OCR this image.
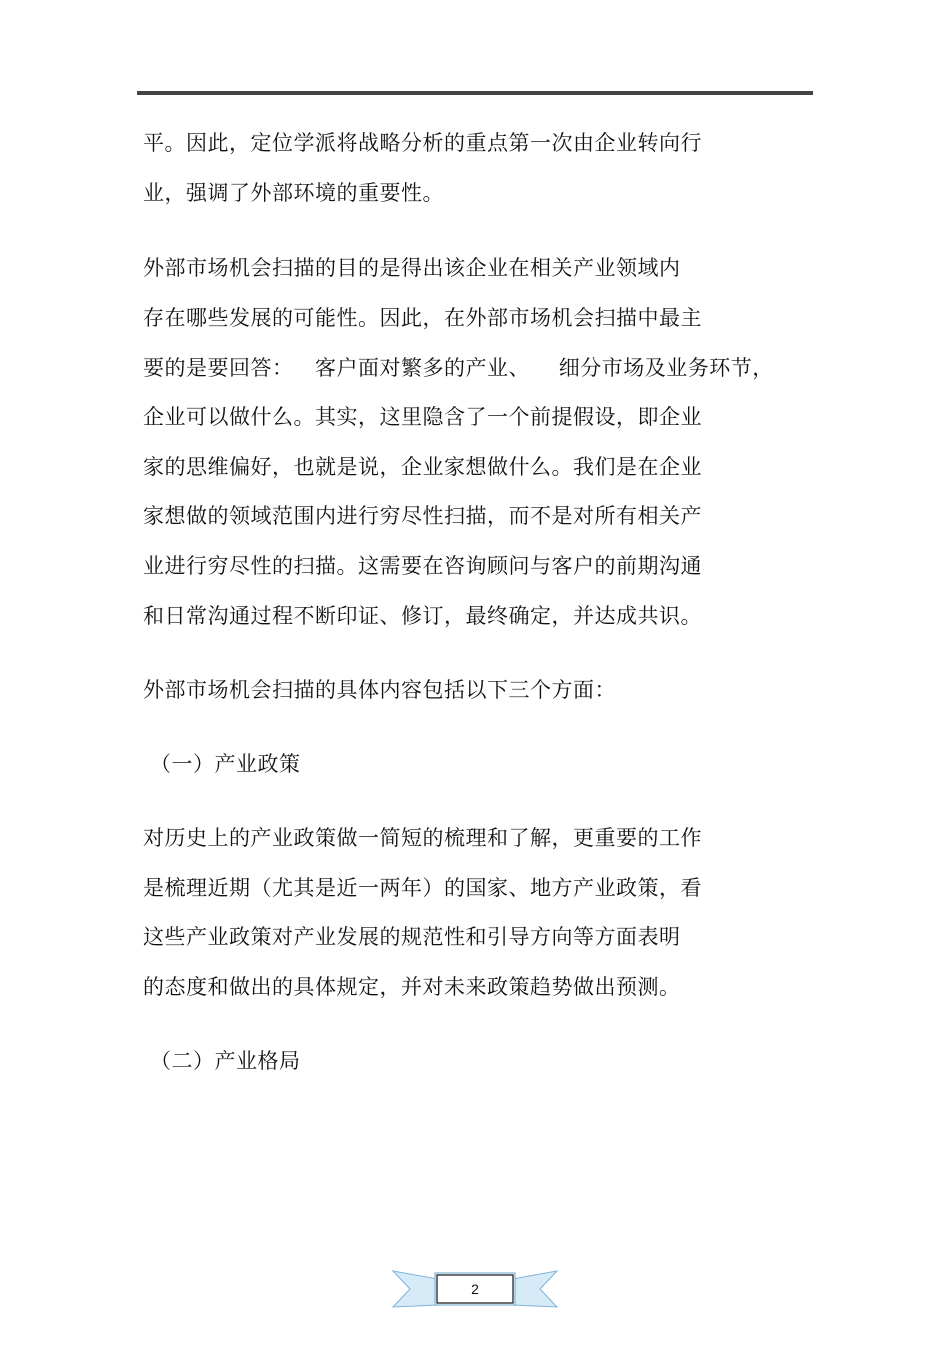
平。因此，定位学派将战略分析的重点第一次由企业转向行
业，强调了外部环境的重要性。
外部市场机会扫描的目的是得出该企业在相关产业领域内
存在哪些发展的可能性。因此，在外部市场机会扫描中最主
要的是要回答：   客户面对繁多的产业、    细分市场及业务环节，
企业可以做什么。其实，这里隐含了一个前提假设，即企业
家的思维偏好，也就是说，企业家想做什么。我们是在企业
家想做的领域范围内进行穷尽性扫描，而不是对所有相关产
业进行穷尽性的扫描。这需要在咨询顾问与客户的前期沟通
和日常沟通过程不断印证、修订，最终确定，并达成共识。
外部市场机会扫描的具体内容包括以下三个方面：
（一）产业政策
对历史上的产业政策做一简短的梳理和了解，更重要的工作
是梳理近期（尤其是近一两年）的国家、地方产业政策，看
这些产业政策对产业发展的规范性和引导方向等方面表明
的态度和做出的具体规定，并对未来政策趋势做出预测。
（二）产业格局
2
